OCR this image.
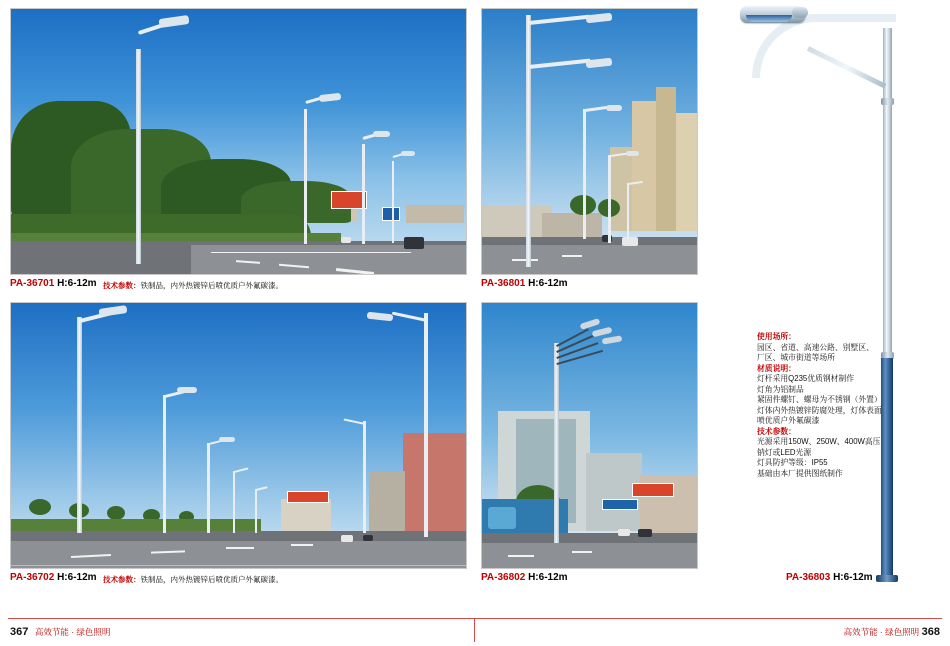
PA-36701 H:6-12m 技术参数：铁制品，内外热镀锌后喷优质户外氟碳漆。	PA-36801 H:6-12m
PA-36702 H:6-12m 技术参数：铁制品，内外热镀锌后喷优质户外氟碳漆。	PA-36802 H:6-12m
使用场所：
园区、省道、高速公路、别墅区、
厂区、城市街道等场所
材质说明：
灯杆采用Q235优质钢材制作
灯角为铝制品
紧固件螺钉、螺母为不锈钢（外置）
灯体内外热镀锌防腐处理，灯体表面
喷优质户外氟碳漆
技术参数：
光源采用150W、250W、400W高压
钠灯或LED光源
灯具防护等级：IP55
基础由本厂提供图纸制作
PA-36803 H:6-12m
367 高效节能 · 绿色照明	高效节能 · 绿色照明 368
